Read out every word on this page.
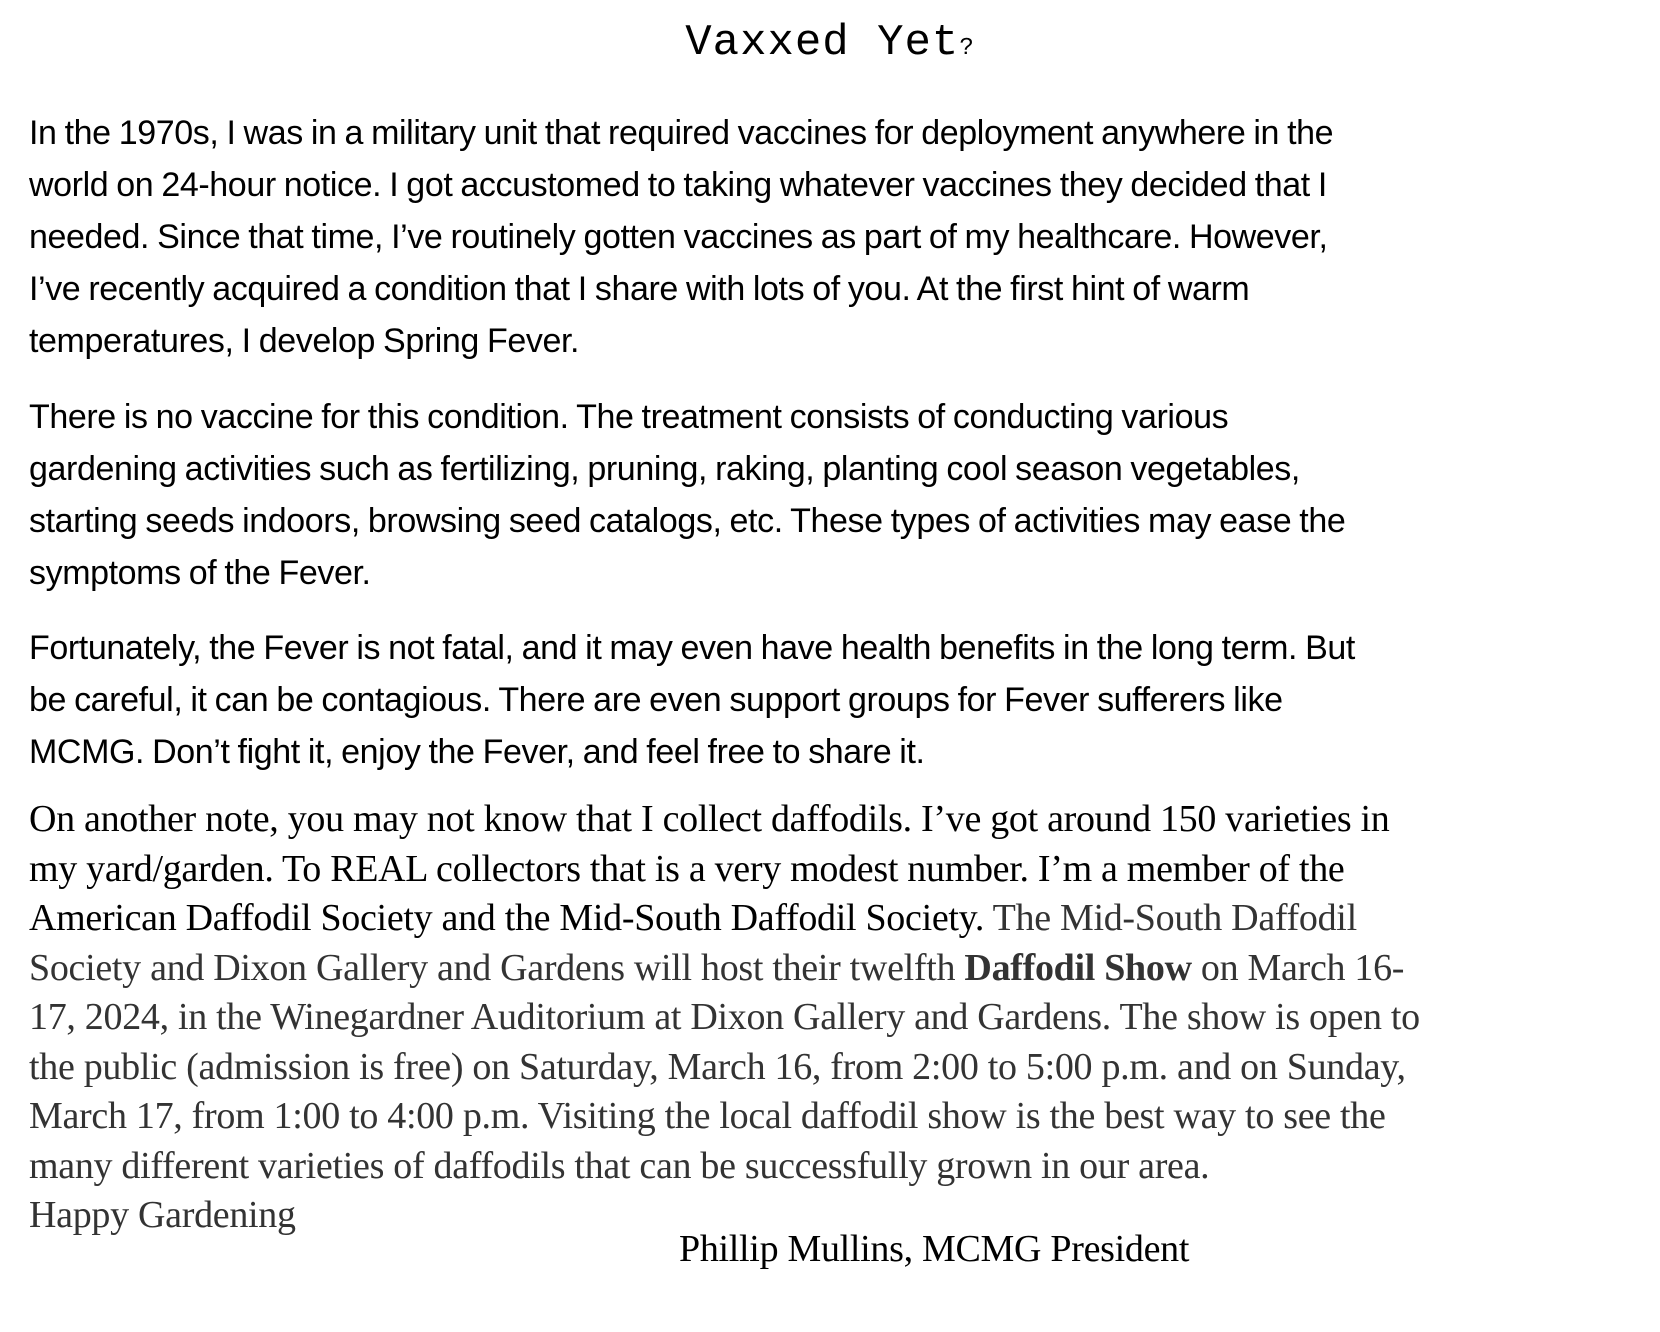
Vaxxed Yet?

In the 1970s, I was in a military unit that required vaccines for deployment anywhere in the
world on 24-hour notice. I got accustomed to taking whatever vaccines they decided that I
needed. Since that time, I’ve routinely gotten vaccines as part of my healthcare. However,
I’ve recently acquired a condition that I share with lots of you. At the first hint of warm
temperatures, I develop Spring Fever.

There is no vaccine for this condition. The treatment consists of conducting various
gardening activities such as fertilizing, pruning, raking, planting cool season vegetables,
starting seeds indoors, browsing seed catalogs, etc. These types of activities may ease the
symptoms of the Fever.

Fortunately, the Fever is not fatal, and it may even have health benefits in the long term. But
be careful, it can be contagious. There are even support groups for Fever sufferers like
MCMG. Don’t fight it, enjoy the Fever, and feel free to share it.

On another note, you may not know that I collect daffodils. I’ve got around 150 varieties in
my yard/garden. To REAL collectors that is a very modest number. I’m a member of the
American Daffodil Society and the Mid-South Daffodil Society. The Mid-South Daffodil
Society and Dixon Gallery and Gardens will host their twelfth Daffodil Show on March 16-
17, 2024, in the Winegardner Auditorium at Dixon Gallery and Gardens. The show is open to
the public (admission is free) on Saturday, March 16, from 2:00 to 5:00 p.m. and on Sunday,
March 17, from 1:00 to 4:00 p.m. Visiting the local daffodil show is the best way to see the
many different varieties of daffodils that can be successfully grown in our area.
Happy Gardening
Phillip Mullins, MCMG President
